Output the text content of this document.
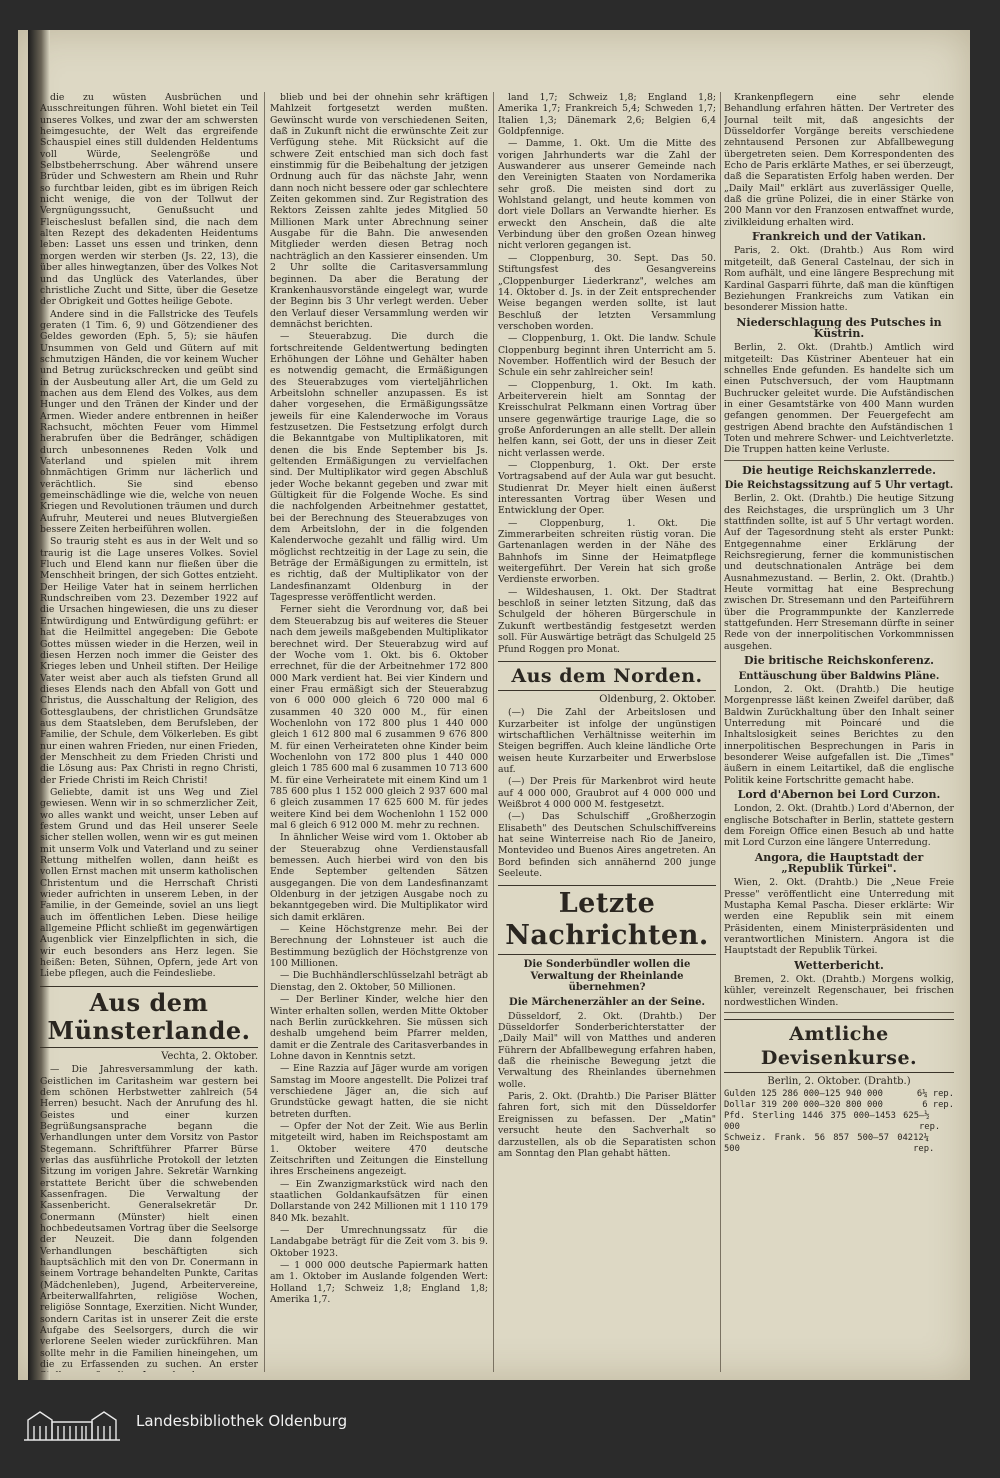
die zu wüsten Ausbrüchen und Ausschreitungen führen. Wohl bietet ein Teil unseres Volkes, und zwar der am schwersten heimgesuchte, der Welt das ergreifende Schauspiel eines still duldenden Heldentums voll Würde, Seelengröße und Selbstbeherrschung. Aber während unsere Brüder und Schwestern am Rhein und Ruhr so furchtbar leiden, gibt es im übrigen Reich nicht wenige, die von der Tollwut der Vergnügungssucht, Genußsucht und Fleischeslust befallen sind, die nach dem alten Rezept des dekadenten Heidentums leben: Lasset uns essen und trinken, denn morgen werden wir sterben (Js. 22, 13), die über alles hinwegtanzen, über des Volkes Not und das Unglück des Vaterlandes, über christliche Zucht und Sitte, über die Gesetze der Obrigkeit und Gottes heilige Gebote.

Andere sind in die Fallstricke des Teufels geraten (1 Tim. 6, 9) und Götzendiener des Geldes geworden (Eph. 5, 5); sie häufen Unsummen von Geld und Gütern auf mit schmutzigen Händen, die vor keinem Wucher und Betrug zurückschrecken und geübt sind in der Ausbeutung aller Art, die um Geld zu machen aus dem Elend des Volkes, aus dem Hunger und den Tränen der Kinder und der Armen. Wieder andere entbrennen in heißer Rachsucht, möchten Feuer vom Himmel herabrufen über die Bedränger, schädigen durch unbesonnenes Reden Volk und Vaterland und spielen mit ihrem ohnmächtigen Grimm nur lächerlich und verächtlich. Sie sind ebenso gemeinschädlinge wie die, welche von neuen Kriegen und Revolutionen träumen und durch Aufruhr, Meuterei und neues Blutvergießen bessere Zeiten herbeiführen wollen.

So traurig steht es aus in der Welt und so traurig ist die Lage unseres Volkes. Soviel Fluch und Elend kann nur fließen über die Menschheit bringen, der sich Gottes entzieht. Der Heilige Vater hat in seinem herrlichen Rundschreiben vom 23. Dezember 1922 auf die Ursachen hingewiesen, die uns zu dieser Entwürdigung und Entwürdigung geführt: er hat die Heilmittel angegeben: Die Gebote Gottes müssen wieder in die Herzen, weil in diesen Herzen noch immer die Geister des Krieges leben und Unheil stiften. Der Heilige Vater weist aber auch als tiefsten Grund all dieses Elends nach den Abfall von Gott und Christus, die Ausschaltung der Religion, des Gottesglaubens, der christlichen Grundsätze aus dem Staatsleben, dem Berufsleben, der Familie, der Schule, dem Völkerleben. Es gibt nur einen wahren Frieden, nur einen Frieden, der Menschheit zu dem Frieden Christi und die Lösung aus: Pax Christi in regno Christi, der Friede Christi im Reich Christi!

Geliebte, damit ist uns Weg und Ziel gewiesen. Wenn wir in so schmerzlicher Zeit, wo alles wankt und weicht, unser Leben auf festem Grund und das Heil unserer Seele sicher stellen wollen, wenn wir es gut meinen mit unserm Volk und Vaterland und zu seiner Rettung mithelfen wollen, dann heißt es vollen Ernst machen mit unserm katholischen Christentum und die Herrschaft Christi wieder aufrichten in unserem Leben, in der Familie, in der Gemeinde, soviel an uns liegt auch im öffentlichen Leben. Diese heilige allgemeine Pflicht schließt im gegenwärtigen Augenblick vier Einzelpflichten in sich, die wir euch besonders ans Herz legen. Sie heißen: Beten, Sühnen, Opfern, jede Art von Liebe pflegen, auch die Feindesliebe.

Aus dem Münsterlande.
Vechta, 2. Oktober.

— Die Jahresversammlung der kath. Geistlichen im Caritasheim war gestern bei dem schönen Herbstwetter zahlreich (54 Herren) besucht. Nach der Anrufung des hl. Geistes und einer kurzen Begrüßungsansprache begann die Verhandlungen unter dem Vorsitz von Pastor Stegemann. Schriftführer Pfarrer Bürse verlas das ausführliche Protokoll der letzten Sitzung im vorigen Jahre. Sekretär Warnking erstattete Bericht über die schwebenden Kassenfragen. Die Verwaltung der Kassenbericht. Generalsekretär Dr. Conermann (Münster) hielt einen hochbedeutsamen Vortrag über die Seelsorge der Neuzeit. Die dann folgenden Verhandlungen beschäftigten sich hauptsächlich mit den von Dr. Conermann in seinem Vortrage behandelten Punkte, Caritas (Mädchenleben), Jugend, Arbeitervereine, Arbeiterwallfahrten, religiöse Wochen, religiöse Sonntage, Exerzitien. Nicht Wunder, sondern Caritas ist in unserer Zeit die erste Aufgabe des Seelsorgers, durch die wir verlorene Seelen wieder zurückführen. Man sollte mehr in die Familien hineingehen, um die zu Erfassenden zu suchen. An erster

blieb und bei der ohnehin sehr kräftigen Mahlzeit fortgesetzt werden mußten. Gewünscht wurde von verschiedenen Seiten, daß in Zukunft nicht die erwünschte Zeit zur Verfügung stehe. Mit Rücksicht auf die schwere Zeit entschied man sich doch fast einstimmig für die Beibehaltung der jetzigen Ordnung auch für das nächste Jahr, wenn dann noch nicht bessere oder gar schlechtere Zeiten gekommen sind. Zur Registration des Rektors Zeissen zahlte jedes Mitglied 50 Millionen Mark unter Abrechnung seiner Ausgabe für die Bahn. Die anwesenden Mitglieder werden diesen Betrag noch nachträglich an den Kassierer einsenden. Um 2 Uhr sollte die Caritasversammlung beginnen. Da aber die Beratung der Krankenhausvorstände eingelegt war, wurde der Beginn bis 3 Uhr verlegt werden. Ueber den Verlauf dieser Versammlung werden wir demnächst berichten.

— Steuerabzug. Die durch die fortschreitende Geldentwertung bedingten Erhöhungen der Löhne und Gehälter haben es notwendig gemacht, die Ermäßigungen des Steuerabzuges vom vierteljährlichen Arbeitslohn schneller anzupassen. Es ist daher vorgesehen, die Ermäßigungssätze jeweils für eine Kalenderwoche im Voraus festzusetzen. Die Festsetzung erfolgt durch die Bekanntgabe von Multiplikatoren, mit denen die bis Ende September bis Js. geltenden Ermäßigungen zu vervielfachen sind. Der Multiplikator wird gegen Abschluß jeder Woche bekannt gegeben und zwar mit Gültigkeit für die Folgende Woche. Es sind die nachfolgenden Arbeitnehmer gestattet, bei der Berechnung des Steuerabzuges von dem Arbeitslohn, der in die folgenden Kalenderwoche gezahlt und fällig wird. Um möglichst rechtzeitig in der Lage zu sein, die Beträge der Ermäßigungen zu ermitteln, ist es richtig, daß der Multiplikator von der Landesfinanzamt Oldenburg in der Tagespresse veröffentlicht werden.

Ferner sieht die Verordnung vor, daß bei dem Steuerabzug bis auf weiteres die Steuer nach dem jeweils maßgebenden Multiplikator berechnet wird. Der Steuerabzug wird auf der Woche vom 1. Okt. bis 6. Oktober errechnet, für die der Arbeitnehmer 172 800 000 Mark verdient hat. Bei vier Kindern und einer Frau ermäßigt sich der Steuerabzug von 6 000 000 gleich 6 720 000 mal 6 zusammen 40 320 000 M., für einen Wochenlohn von 172 800 plus 1 440 000 gleich 1 612 800 mal 6 zusammen 9 676 800 M. für einen Verheirateten ohne Kinder beim Wochenlohn von 172 800 plus 1 440 000 gleich 1 785 600 mal 6 zusammen 10 713 600 M. für eine Verheiratete mit einem Kind um 1 785 600 plus 1 152 000 gleich 2 937 600 mal 6 gleich zusammen 17 625 600 M. für jedes weitere Kind bei dem Wochenlohn 1 152 000 mal 6 gleich 6 912 000 M. mehr zu rechnen.

In ähnlicher Weise wird vom 1. Oktober ab der Steuerabzug ohne Verdienstausfall bemessen. Auch hierbei wird von den bis Ende September geltenden Sätzen ausgegangen. Die von dem Landesfinanzamt Oldenburg in der jetzigen Ausgabe noch zu bekanntgegeben wird. Die Multiplikator wird sich damit erklären.

— Keine Höchstgrenze mehr. Bei der Berechnung der Lohnsteuer ist auch die Bestimmung bezüglich der Höchstgrenze von 100 Millionen.

— Die Buchhändlerschlüsselzahl beträgt ab Dienstag, den 2. Oktober, 50 Millionen.

— Der Berliner Kinder, welche hier den Winter erhalten sollen, werden Mitte Oktober nach Berlin zurückkehren. Sie müssen sich deshalb umgehend beim Pfarrer melden, damit er die Zentrale des Caritasverbandes in Lohne davon in Kenntnis setzt.

— Eine Razzia auf Jäger wurde am vorigen Samstag im Moore angestellt. Die Polizei traf verschiedene Jäger an, die sich auf Grundstücke gewagt hatten, die sie nicht betreten durften.

— Opfer der Not der Zeit. Wie aus Berlin mitgeteilt wird, haben im Reichspostamt am 1. Oktober weitere 470 deutsche Zeitschriften und Zeitungen die Einstellung ihres Erscheinens angezeigt.

— Ein Zwanzigmarkstück wird nach den staatlichen Goldankaufsätzen für einen Dollarstande von 242 Millionen mit 1 110 179 840 Mk. bezahlt.

— Der Umrechnungssatz für die Landabgabe beträgt für die Zeit vom 3. bis 9. Oktober 1923.

— 1 000 000 deutsche Papiermark hatten am 1. Oktober im Auslande folgenden Wert: Holland 1,7; Schweiz 1,8; England 1,8; Amerika 1,7.

land 1,7; Schweiz 1,8; England 1,8; Amerika 1,7; Frankreich 5,4; Schweden 1,7; Italien 1,3; Dänemark 2,6; Belgien 6,4 Goldpfennige.

— Damme, 1. Okt. Um die Mitte des vorigen Jahrhunderts war die Zahl der Auswanderer aus unserer Gemeinde nach den Vereinigten Staaten von Nordamerika sehr groß. Die meisten sind dort zu Wohlstand gelangt, und heute kommen von dort viele Dollars an Verwandte hierher. Es erweckt den Anschein, daß die alte Verbindung über den großen Ozean hinweg nicht verloren gegangen ist.

— Cloppenburg, 30. Sept. Das 50. Stiftungsfest des Gesangvereins „Cloppenburger Liederkranz", welches am 14. Oktober d. Js. in der Zeit entsprechender Weise begangen werden sollte, ist laut Beschluß der letzten Versammlung verschoben worden.

— Cloppenburg, 1. Okt. Die landw. Schule Cloppenburg beginnt ihren Unterricht am 5. November. Hoffentlich wird der Besuch der Schule ein sehr zahlreicher sein!

— Cloppenburg, 1. Okt. Im kath. Arbeiterverein hielt am Sonntag der Kreisschulrat Pelkmann einen Vortrag über unsere gegenwärtige traurige Lage, die so große Anforderungen an alle stellt. Der allein helfen kann, sei Gott, der uns in dieser Zeit nicht verlassen werde.

— Cloppenburg, 1. Okt. Der erste Vortragsabend auf der Aula war gut besucht. Studienrat Dr. Meyer hielt einen äußerst interessanten Vortrag über Wesen und Entwicklung der Oper.

— Cloppenburg, 1. Okt. Die Zimmerarbeiten schreiten rüstig voran. Die Gartenanlagen werden in der Nähe des Bahnhofs im Sinne der Heimatpflege weitergeführt. Der Verein hat sich große Verdienste erworben.

— Wildeshausen, 1. Okt. Der Stadtrat beschloß in seiner letzten Sitzung, daß das Schulgeld der höheren Bürgerschule in Zukunft wertbeständig festgesetzt werden soll. Für Auswärtige beträgt das Schulgeld 25 Pfund Roggen pro Monat.

Aus dem Norden.
Oldenburg, 2. Oktober.

(—) Die Zahl der Arbeitslosen und Kurzarbeiter ist infolge der ungünstigen wirtschaftlichen Verhältnisse weiterhin im Steigen begriffen. Auch kleine ländliche Orte weisen heute Kurzarbeiter und Erwerbslose auf.

(—) Der Preis für Markenbrot wird heute auf 4 000 000, Graubrot auf 4 000 000 und Weißbrot 4 000 000 M. festgesetzt.

(—) Das Schulschiff „Großherzogin Elisabeth" des Deutschen Schulschiffvereins hat seine Winterreise nach Rio de Janeiro, Montevideo und Buenos Aires angetreten. An Bord befinden sich annähernd 200 junge Seeleute.

Letzte Nachrichten.
Die Sonderbündler wollen die Verwaltung der Rheinlande übernehmen?
Die Märchenerzähler an der Seine.

Düsseldorf, 2. Okt. (Drahtb.) Der Düsseldorfer Sonderberichterstatter der „Daily Mail" will von Matthes und anderen Führern der Abfallbewegung erfahren haben, daß die rheinische Bewegung jetzt die Verwaltung des Rheinlandes übernehmen wolle.

Paris, 2. Okt. (Drahtb.) Die Pariser Blätter fahren fort, sich mit den Düsseldorfer Ereignissen zu befassen. Der „Matin" versucht heute den Sachverhalt so darzustellen, als ob die Separatisten schon am Sonntag den Plan gehabt hätten.

Krankenpflegern eine sehr elende Behandlung erfahren hätten. Der Vertreter des Journal teilt mit, daß angesichts der Düsseldorfer Vorgänge bereits verschiedene zehntausend Personen zur Abfallbewegung übergetreten seien. Dem Korrespondenten des Echo de Paris erklärte Mathes, er sei überzeugt, daß die Separatisten Erfolg haben werden. Der „Daily Mail" erklärt aus zuverlässiger Quelle, daß die grüne Polizei, die in einer Stärke von 200 Mann vor den Franzosen entwaffnet wurde, zivilkleidung erhalten wird.

Frankreich und der Vatikan.

Paris, 2. Okt. (Drahtb.) Aus Rom wird mitgeteilt, daß General Castelnau, der sich in Rom aufhält, und eine längere Besprechung mit Kardinal Gasparri führte, daß man die künftigen Beziehungen Frankreichs zum Vatikan ein besonderer Mission hatte.

Niederschlagung des Putsches in Küstrin.

Berlin, 2. Okt. (Drahtb.) Amtlich wird mitgeteilt: Das Küstriner Abenteuer hat ein schnelles Ende gefunden. Es handelte sich um einen Putschversuch, der vom Hauptmann Buchrucker geleitet wurde. Die Aufständischen in einer Gesamtstärke von 400 Mann wurden gefangen genommen. Der Feuergefecht am gestrigen Abend brachte den Aufständischen 1 Toten und mehrere Schwer- und Leichtverletzte. Die Truppen hatten keine Verluste.

Die heutige Reichskanzlerrede.
Die Reichstagssitzung auf 5 Uhr vertagt.

Berlin, 2. Okt. (Drahtb.) Die heutige Sitzung des Reichstages, die ursprünglich um 3 Uhr stattfinden sollte, ist auf 5 Uhr vertagt worden. Auf der Tagesordnung steht als erster Punkt: Entgegennahme einer Erklärung der Reichsregierung, ferner die kommunistischen und deutschnationalen Anträge bei dem Ausnahmezustand. — Berlin, 2. Okt. (Drahtb.) Heute vormittag hat eine Besprechung zwischen Dr. Stresemann und den Parteiführern über die Programmpunkte der Kanzlerrede stattgefunden. Herr Stresemann dürfte in seiner Rede von der innerpolitischen Vorkommnissen ausgehen.

Die britische Reichskonferenz.
Enttäuschung über Baldwins Pläne.

London, 2. Okt. (Drahtb.) Die heutige Morgenpresse läßt keinen Zweifel darüber, daß Baldwin Zurückhaltung über den Inhalt seiner Unterredung mit Poincaré und die Inhaltslosigkeit seines Berichtes zu den innerpolitischen Besprechungen in Paris in besonderer Weise aufgefallen ist. Die „Times" äußern in einem Leitartikel, daß die englische Politik keine Fortschritte gemacht habe.

Lord d'Abernon bei Lord Curzon.

London, 2. Okt. (Drahtb.) Lord d'Abernon, der englische Botschafter in Berlin, stattete gestern dem Foreign Office einen Besuch ab und hatte mit Lord Curzon eine längere Unterredung.

Angora, die Hauptstadt der „Republik Türkei".

Wien, 2. Okt. (Drahtb.) Die „Neue Freie Presse" veröffentlicht eine Unterredung mit Mustapha Kemal Pascha. Dieser erklärte: Wir werden eine Republik sein mit einem Präsidenten, einem Ministerpräsidenten und verantwortlichen Ministern. Angora ist die Hauptstadt der Republik Türkei.

Wetterbericht.

Bremen, 2. Okt. (Drahtb.) Morgens wolkig, kühler, vereinzelt Regenschauer, bei frischen nordwestlichen Winden.

Amtliche Devisenkurse.
Berlin, 2. Oktober. (Drahtb.)
Gulden 125 286 000—125 940 000	6¼ rep.
Dollar 319 200 000—320 800 000	6 rep.
Pfd. Sterling 1446 375 000—1453 625 000
—½ rep.
Schweiz. Frank. 56 857 500—57 042 500
12¼ rep.
Landesbibliothek Oldenburg
